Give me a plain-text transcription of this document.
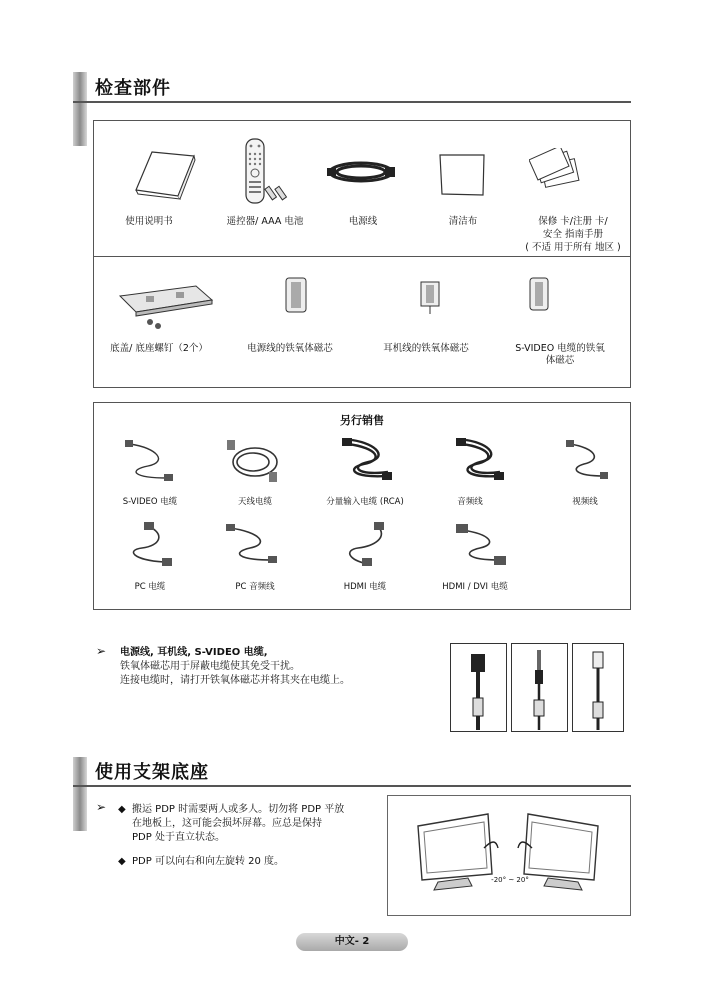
检查部件
使用说明书	遥控器/ AAA 电池	电源线	清洁布	保修 卡/注册 卡/
安全 指南手册
( 不适 用于所有 地区 )
底盖/ 底座螺钉（2个）	电源线的铁氧体磁芯	耳机线的铁氧体磁芯	S-VIDEO 电缆的铁氧
体磁芯
另行销售
S-VIDEO 电缆	天线电缆	分量输入电缆 (RCA)	音频线	视频线
PC 电缆	PC 音频线	HDMI 电缆	HDMI / DVI 电缆
➢ 电源线, 耳机线, S-VIDEO 电缆,
铁氧体磁芯用于屏蔽电缆使其免受干扰。
连接电缆时，请打开铁氧体磁芯并将其夹在电缆上。
使用支架底座
➢ ◆ 搬运 PDP 时需要两人或多人。切勿将 PDP 平放
在地板上，这可能会损坏屏幕。应总是保持
PDP 处于直立状态。
◆ PDP 可以向右和向左旋转 20 度。
-20° ~ 20°
中文- 2
